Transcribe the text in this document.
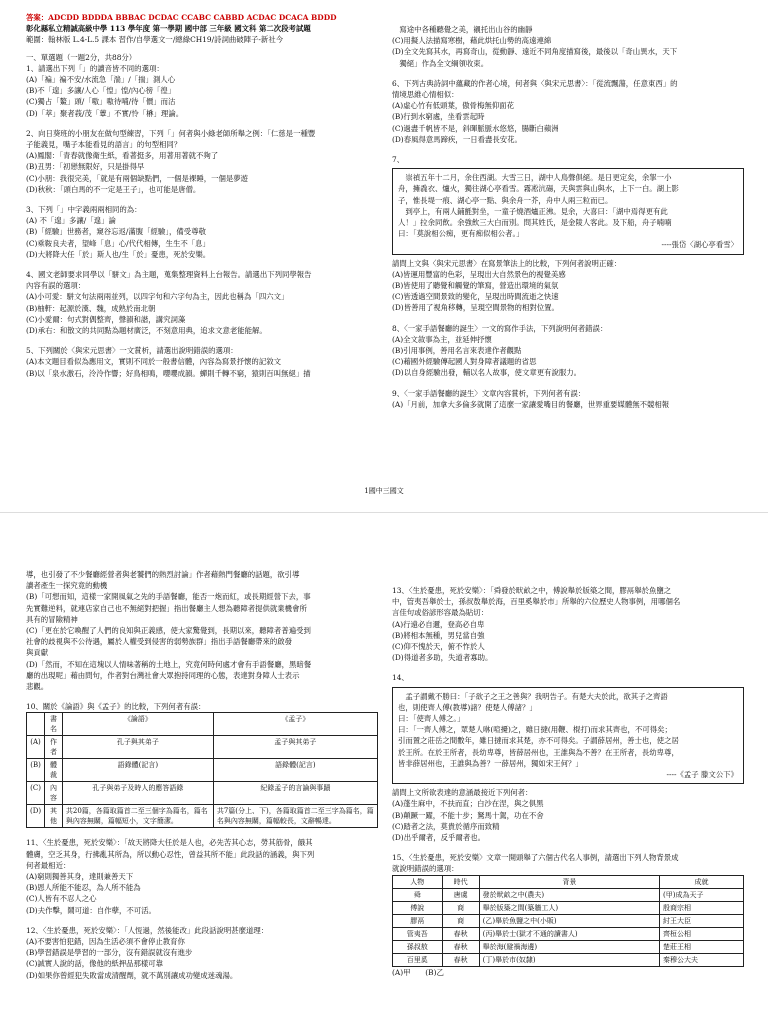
答案：ADCDD BDDDA BBBAC DCDAC CCABC CABBD ACDAC DCACA BDDD

彰化縣私立精誠高級中學 113 學年度 第一學期 國中部 三年級 國文科 第二次段考試題

範圍：翰林版 L.4-L.5 課本 習作/自學選文一/總綠CH19/詩詞曲破陣子-新社今

一、單選題（一題2分，共88分）

1、請選出下列「」的讀音皆不同的選項：

(A)「褊」褊不安/水流急「湍」/「揣」測人心

(B)不「遑」多讓/人心「惶」惶/內心徬「徨」

(C)獨占「鰲」頭/「嗷」嗷待哺/待「價」而沽

(D)「萃」聚者莪/茂「蕈」不實/怜「楙」理論。

2、向日葵班的小朋友在做句型練習，下列「」何者與小綠老師所舉之例：「仁慈是一種豐

子能義見，嘴子本能看見的語言」的句型相同？

(A)鳳閣：「青春就像衛生紙，看著挺多，用著用著就不夠了

(B)丑男：「初戀無限好，只是掛得早

(C)小朋：我很完美，「就是有兩個缺點們，一個是裸睡，一個是夢遊

(D)秋秋：「頭白馬的不一定是王子」，也可能是唐僧。

3、下列「」中字義兩兩相同的為：

(A) 不「遑」多讓/「遑」論

(B)「經驗」世務者，窺谷忘返/滿腹「經驗」，備受尊敬

(C)乘鞍良夫者，望峰「息」心/代代相傳，生生不「息」

(D)大將降大任「於」斯人也/生「於」憂患，死於安樂。

4、國文老師要求同學以「駢文」為主題，蒐集整理資料上台報告。請選出下列同學報告

內容有誤的選項：

(A)小可愛：駢文句法兩兩並列，以四字句和六字句為主，因此也稱為「四六文」

(B)柚軒：起源於漢、魏，成熟於南北朝

(C)小愛爾：句式對偶整齊，聲韻和諧，講究詞藻

(D)承右：和散文的共同點為題材廣泛，不刻意用典，追求文意老能能解。

5、下列關於〈與宋元思書〉一文賞析，請選出說明錯誤的選項：

(A)本文題目看似為應用文，實則不同於一般書信體，內容為寫景抒懷的記敘文

(B)以「泉水激石，泠泠作響；好鳥相鳴，嚶嚶成韻。蟬則千轉不窮，猿則百叫無絕」描

寫途中各種聽覺之美，襯托出山谷的幽靜

(C)用擬人法描寫寒樹，藉此烘托山勢的高遠連綿

(D)全文先寫其水，再寫奇山，從動靜、遠近不同角度描寫後，最後以「奇山異水，天下

獨絕」作為全文綱領收束。

6、下列古典詩詞中蘊藏的作者心境，何者與〈與宋元思書〉：「從流飄蕩，任意東西」的

情境思維心情相似：

(A)虛心竹有低頭葉，傲骨梅無仰面花

(B)行到水窮處，坐看雲起時

(C)過盡千帆皆不是，斜暉脈脈水悠悠，腸斷白蘋洲

(D)春風得意馬蹄疾，一日看盡長安花。

7、

崇禎五年十二月，余住西湖。大雪三日，湖中人鳥聲俱絕。是日更定矣，余挐一小

舟，擁毳衣、爐火，獨往湖心亭看雪。霧凇沆碭，天與雲與山與水，上下一白。湖上影

子，惟長堤一痕、湖心亭一點、與余舟一芥，舟中人兩三粒而已。

到亭上，有兩人鋪氈對坐，一童子燒酒爐正沸。見余，大喜曰：「湖中焉得更有此

人！」拉余同飲。余強飲三大白而別。問其姓氏，是金陵人客此。及下船，舟子喃喃

曰：「莫說相公痴，更有痴似相公者。」

----張岱〈湖心亭看雪〉

請問上文與〈與宋元思書〉在寫景筆法上的比較，下列何者說明正確：

(A)皆運用豐富的色彩，呈現出大自然景色的視覺美感

(B)皆使用了聽覺和觸覺的筆寫，營造出環境的氣氛

(C)皆透過空間景致的變化，呈現出時間流逝之快速

(D)皆善用了視角移轉，呈現空間景物的相對位置。

8、〈一家手語餐廳的誕生〉一文的寫作手法，下列說明何者錯誤：

(A)全文敘事為主，並延伸抒懷

(B)引用事例，善用名言來表達作者觀點

(C)藉國外經驗傳起國人對身障者議題的省思

(D)以自身經驗出發，輔以名人故事，使文章更有說服力。

9、〈一家手語餐廳的誕生〉文章內容賞析，下列何者有誤：

(A)「月前，加拿大多倫多就開了這麼一家讓愛嘴目的餐廳，世界重要媒體無不競相報

1國中三國文

導，也引發了不少餐廳經營者與老饕們的熱烈討論」作者藉熱門餐廳的話題，欲引導

讀者產生一探究竟的動機

(B)「可想而知，這樣一家開風氣之先的手語餐廳，能否一炮而紅，或長期經營下去，事

先實難逆料，就連店家自己也不無絕對把握」指出餐廳主人想為聽障者提供就業機會所

具有的冒險精神

(C)「更在於它喚醒了人們的良知與正義感，使大家驚覺到，長期以來，聽障者普遍受到

社會的歧視與不公待遇，屬於人權受到侵害的弱勢族群」指出手語餐廳帶來的啟發

與貢獻

(D)「然而，不知在這塊以人情味著稱的土地上，究竟何時何處才會有手語餐廳，黑暗餐

廳的出現呢」藉由問句，作者對台灣社會大眾抱持同理的心態，表達對身障人士表示

悲觀。

10、關於《論語》與《孟子》的比較，下列何者有誤：

	書名	《論語》	《孟子》
(A)	作者	孔子與其弟子	孟子與其弟子
(B)	體裁	語錄體(記言)	語錄體(記言)
(C)	內容	孔子與弟子及時人的應答語錄	紀錄孟子的言論與事蹟
(D)	其他	共20篇，各篇取篇首二至三個字為篇名，篇名與內容無關，篇幅短小，文字簡潔。	共7篇(分上、下)，各篇取篇首二至三字為篇名，篇名與內容無關，篇幅較長，文辭暢達。

11、〈生於憂患，死於安樂〉：「故天將降大任於是人也，必先苦其心志，勞其筋骨，餓其

體膚，空乏其身，行拂亂其所為，所以動心忍性，曾益其所不能」此段話的涵義，與下列

何者最相近：

(A)窮則獨善其身，達則兼善天下

(B)恩人所能不能忍，為人所不能為

(C)人皆有不忍人之心

(D)夫作擊，鬧可道：自作孽，不可活。

12、〈生於憂患，死於安樂〉：「人恆過，然後能改」此段話說明甚麼道理：

(A)不要害怕犯錯，因為生活必須不會停止教育你

(B)學習錯誤是學習的一部分，沒有錯誤就沒有進步

(C)誠實人說的話，像他的紙押品那樣可靠

(D)如果你曾經犯失敗當成清醒劑，就不萬別讓成功變成迷魂湯。

13、〈生於憂患，死於安樂〉：「舜發於畎畝之中，傅說舉於版築之間，膠鬲舉於魚鹽之

中，管夷吾舉於士，孫叔敖舉於海，百里奚舉於市」所舉的六位歷史人物事例，用哪個名

言佳句或俗諺形容最為貼切：

(A)行遠必自邇，登高必自卑

(B)將相本無種，男兒當自強

(C)仰不愧於天，俯不怍於人

(D)得道者多助，失道者寡助。

14、

孟子謂戴不勝曰：「子欲子之王之善與？我明告子。有楚大夫於此，欲其子之齊語

也，則使齊人傅(教導)諸？使楚人傅諸？」

曰：「使齊人傅之。」

曰：「一齊人傅之，眾楚人咻(喧擾)之，雖日撻(用鞭、棍打)而求其齊也，不可得矣；

引而置之莊岳之間數年，雖日撻而求其楚，亦不可得矣。子謂薛居州，善士也，使之居

於王所。在於王所者，長幼卑尊，皆薛居州也，王誰與為不善？在王所者，長幼卑尊，

皆非薛居州也，王誰與為善？一薛居州，獨如宋王何？」

----《孟子 滕文公下》

請問上文所欲表達的意涵最接近下列何者：

(A)蓬生麻中，不扶而直；白沙在涅，與之俱黑

(B)顛蹶一躍，不能十步；駑馬十駕，功在不舍

(C)踏者之法，莫貴於循序而致精

(D)出乎爾者，反乎爾者也。

15、〈生於憂患，死於安樂〉文章一開頭舉了六個古代名人事例，請選出下列人物背景成

就說明錯誤的選項：

人物	時代	背景	成就
舜	唐虞	發於畎畝之中(農夫)	(甲)成為天子
傅說	商	舉於版築之間(築牆工人)	殷商宗相
膠鬲	商	(乙)舉於魚鹽之中(小販)	紂王大臣
管夷吾	春秋	(丙)舉於士(獄才不通的讀書人)	齊桓公相
孫叔敖	春秋	舉於海(避禍海邊)	楚莊王相
百里奚	春秋	(丁)舉於市(奴隸)	秦穆公大夫

(A)甲　　(B)乙
